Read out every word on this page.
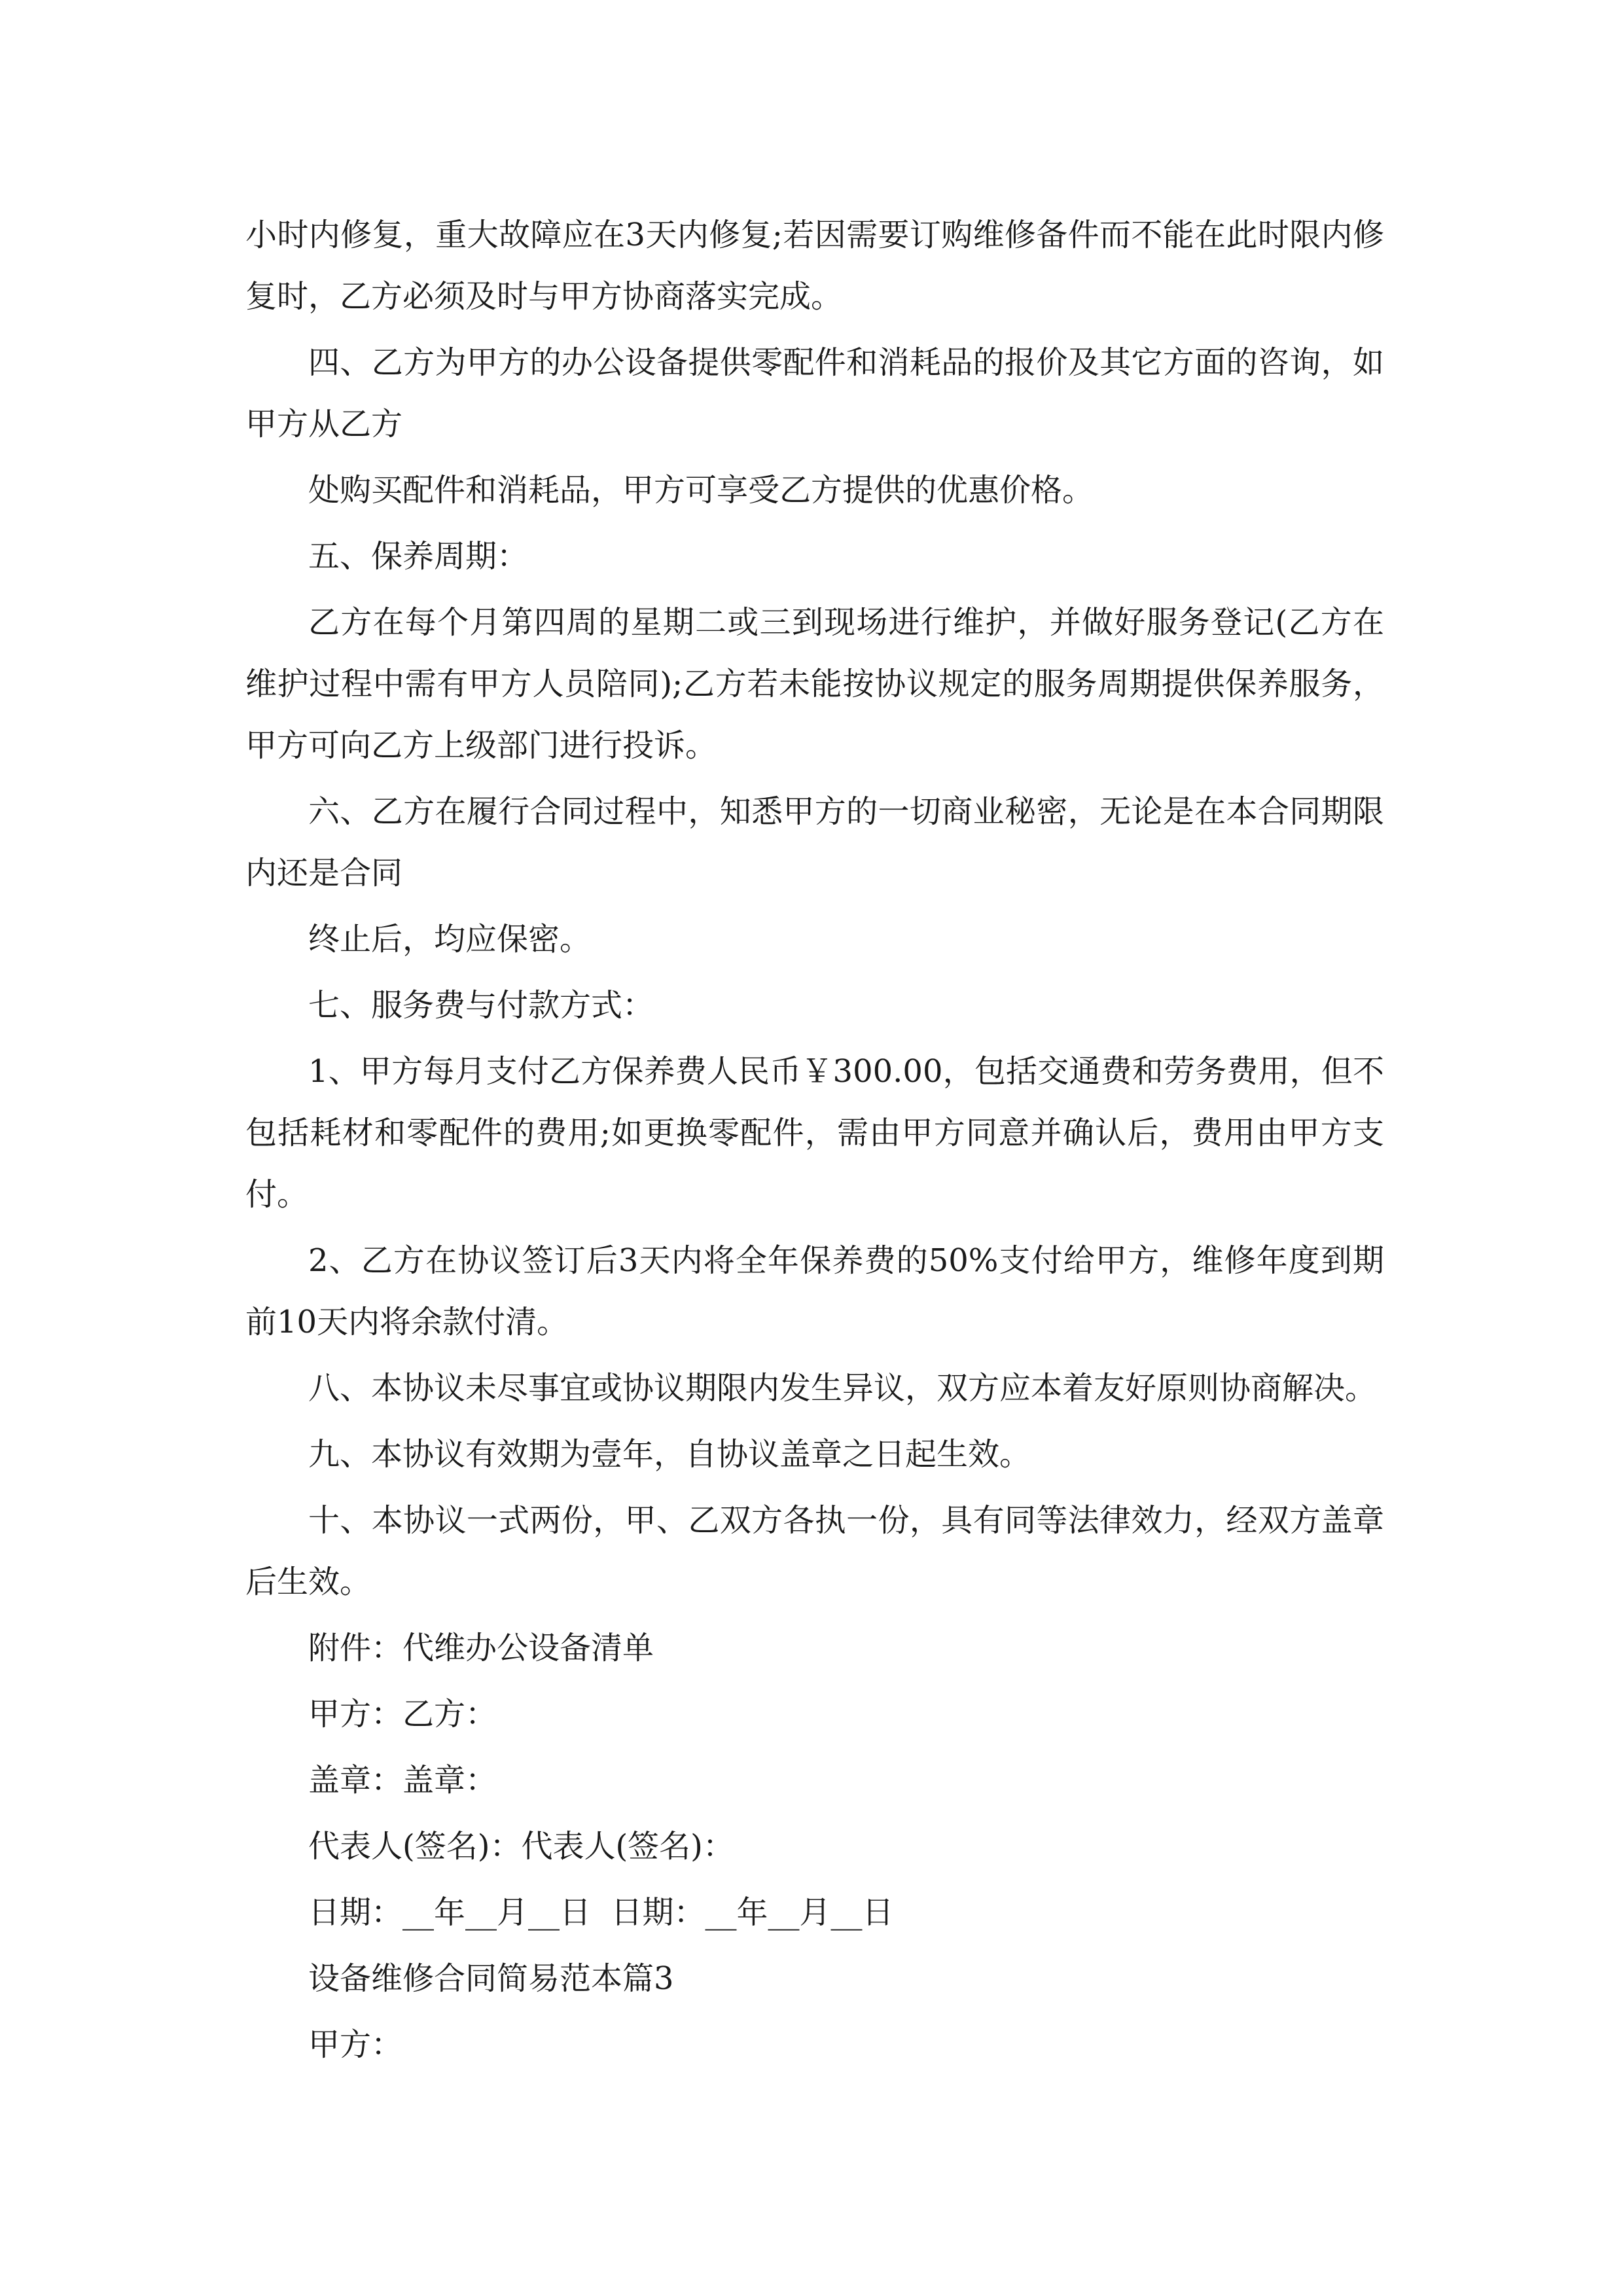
小时内修复，重大故障应在3天内修复;若因需要订购维修备件而不能在此时限内修复时，乙方必须及时与甲方协商落实完成。

四、乙方为甲方的办公设备提供零配件和消耗品的报价及其它方面的咨询，如甲方从乙方

处购买配件和消耗品，甲方可享受乙方提供的优惠价格。

五、保养周期：

乙方在每个月第四周的星期二或三到现场进行维护，并做好服务登记(乙方在维护过程中需有甲方人员陪同);乙方若未能按协议规定的服务周期提供保养服务，甲方可向乙方上级部门进行投诉。

六、乙方在履行合同过程中，知悉甲方的一切商业秘密，无论是在本合同期限内还是合同

终止后，均应保密。

七、服务费与付款方式：

1、甲方每月支付乙方保养费人民币￥300.00，包括交通费和劳务费用，但不包括耗材和零配件的费用;如更换零配件，需由甲方同意并确认后，费用由甲方支付。

2、乙方在协议签订后3天内将全年保养费的50%支付给甲方，维修年度到期前10天内将余款付清。

八、本协议未尽事宜或协议期限内发生异议，双方应本着友好原则协商解决。

九、本协议有效期为壹年，自协议盖章之日起生效。

十、本协议一式两份，甲、乙双方各执一份，具有同等法律效力，经双方盖章后生效。

附件：代维办公设备清单

甲方：乙方：

盖章：盖章：

代表人(签名)：代表人(签名)：

日期：__年__月__日  日期：__年__月__日

设备维修合同简易范本篇3

甲方：
